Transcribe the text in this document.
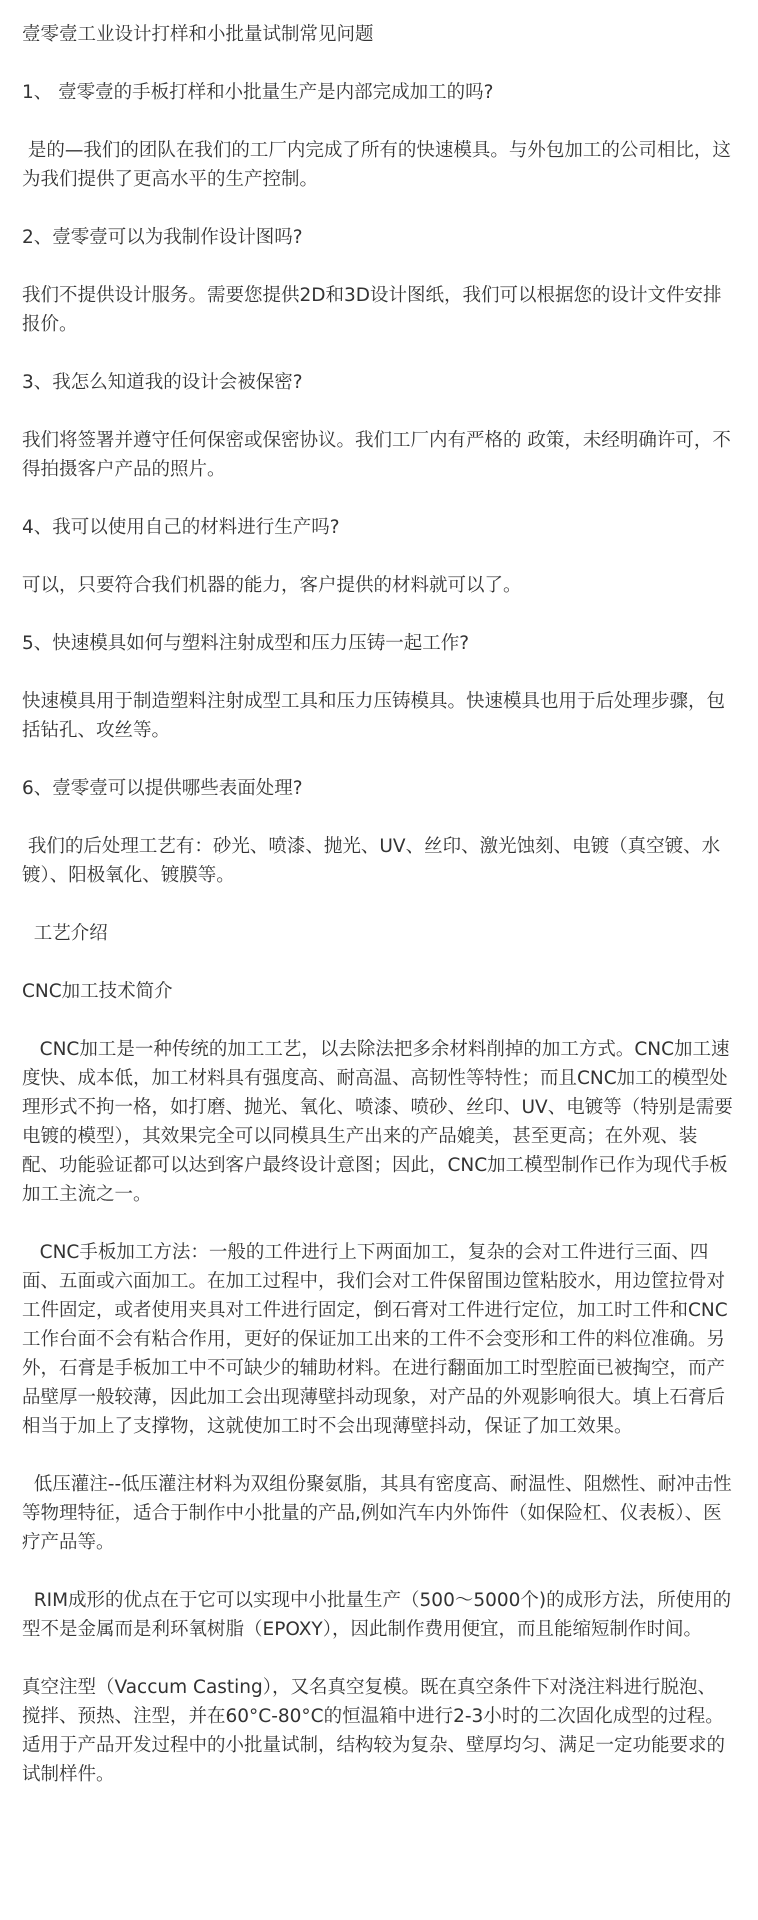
壹零壹工业设计打样和小批量试制常见问题

1、 壹零壹的手板打样和小批量生产是内部完成加工的吗?

是的—我们的团队在我们的工厂内完成了所有的快速模具。与外包加工的公司相比，这为我们提供了更高水平的生产控制。

2、壹零壹可以为我制作设计图吗?

我们不提供设计服务。需要您提供2D和3D设计图纸，我们可以根据您的设计文件安排报价。

3、我怎么知道我的设计会被保密?

我们将签署并遵守任何保密或保密协议。我们工厂内有严格的 政策，未经明确许可，不得拍摄客户产品的照片。

4、我可以使用自己的材料进行生产吗?

可以，只要符合我们机器的能力，客户提供的材料就可以了。

5、快速模具如何与塑料注射成型和压力压铸一起工作?

快速模具用于制造塑料注射成型工具和压力压铸模具。快速模具也用于后处理步骤，包括钻孔、攻丝等。

6、壹零壹可以提供哪些表面处理?

我们的后处理工艺有：砂光、喷漆、抛光、UV、丝印、激光蚀刻、电镀（真空镀、水镀）、阳极氧化、镀膜等。

工艺介绍

CNC加工技术简介

CNC加工是一种传统的加工工艺，以去除法把多余材料削掉的加工方式。CNC加工速度快、成本低，加工材料具有强度高、耐高温、高韧性等特性；而且CNC加工的模型处理形式不拘一格，如打磨、抛光、氧化、喷漆、喷砂、丝印、UV、电镀等（特别是需要电镀的模型），其效果完全可以同模具生产出来的产品媲美，甚至更高；在外观、装配、功能验证都可以达到客户最终设计意图；因此，CNC加工模型制作已作为现代手板加工主流之一。

CNC手板加工方法：一般的工件进行上下两面加工，复杂的会对工件进行三面、四面、五面或六面加工。在加工过程中，我们会对工件保留围边筐粘胶水，用边筐拉骨对工件固定，或者使用夹具对工件进行固定，倒石膏对工件进行定位，加工时工件和CNC工作台面不会有粘合作用，更好的保证加工出来的工件不会变形和工件的料位准确。另外，石膏是手板加工中不可缺少的辅助材料。在进行翻面加工时型腔面已被掏空，而产品壁厚一般较薄，因此加工会出现薄壁抖动现象，对产品的外观影响很大。填上石膏后相当于加上了支撑物，这就使加工时不会出现薄壁抖动，保证了加工效果。

低压灌注--低压灌注材料为双组份聚氨脂，其具有密度高、耐温性、阻燃性、耐冲击性等物理特征，适合于制作中小批量的产品,例如汽车内外饰件（如保险杠、仪表板）、医疗产品等。

RIM成形的优点在于它可以实现中小批量生产（500～5000个)的成形方法，所使用的型不是金属而是利环氧树脂（EPOXY），因此制作费用便宜，而且能缩短制作时间。

真空注型（Vaccum Casting），又名真空复模。既在真空条件下对浇注料进行脱泡、搅拌、预热、注型，并在60°C-80°C的恒温箱中进行2-3小时的二次固化成型的过程。适用于产品开发过程中的小批量试制，结构较为复杂、壁厚均匀、满足一定功能要求的试制样件。
